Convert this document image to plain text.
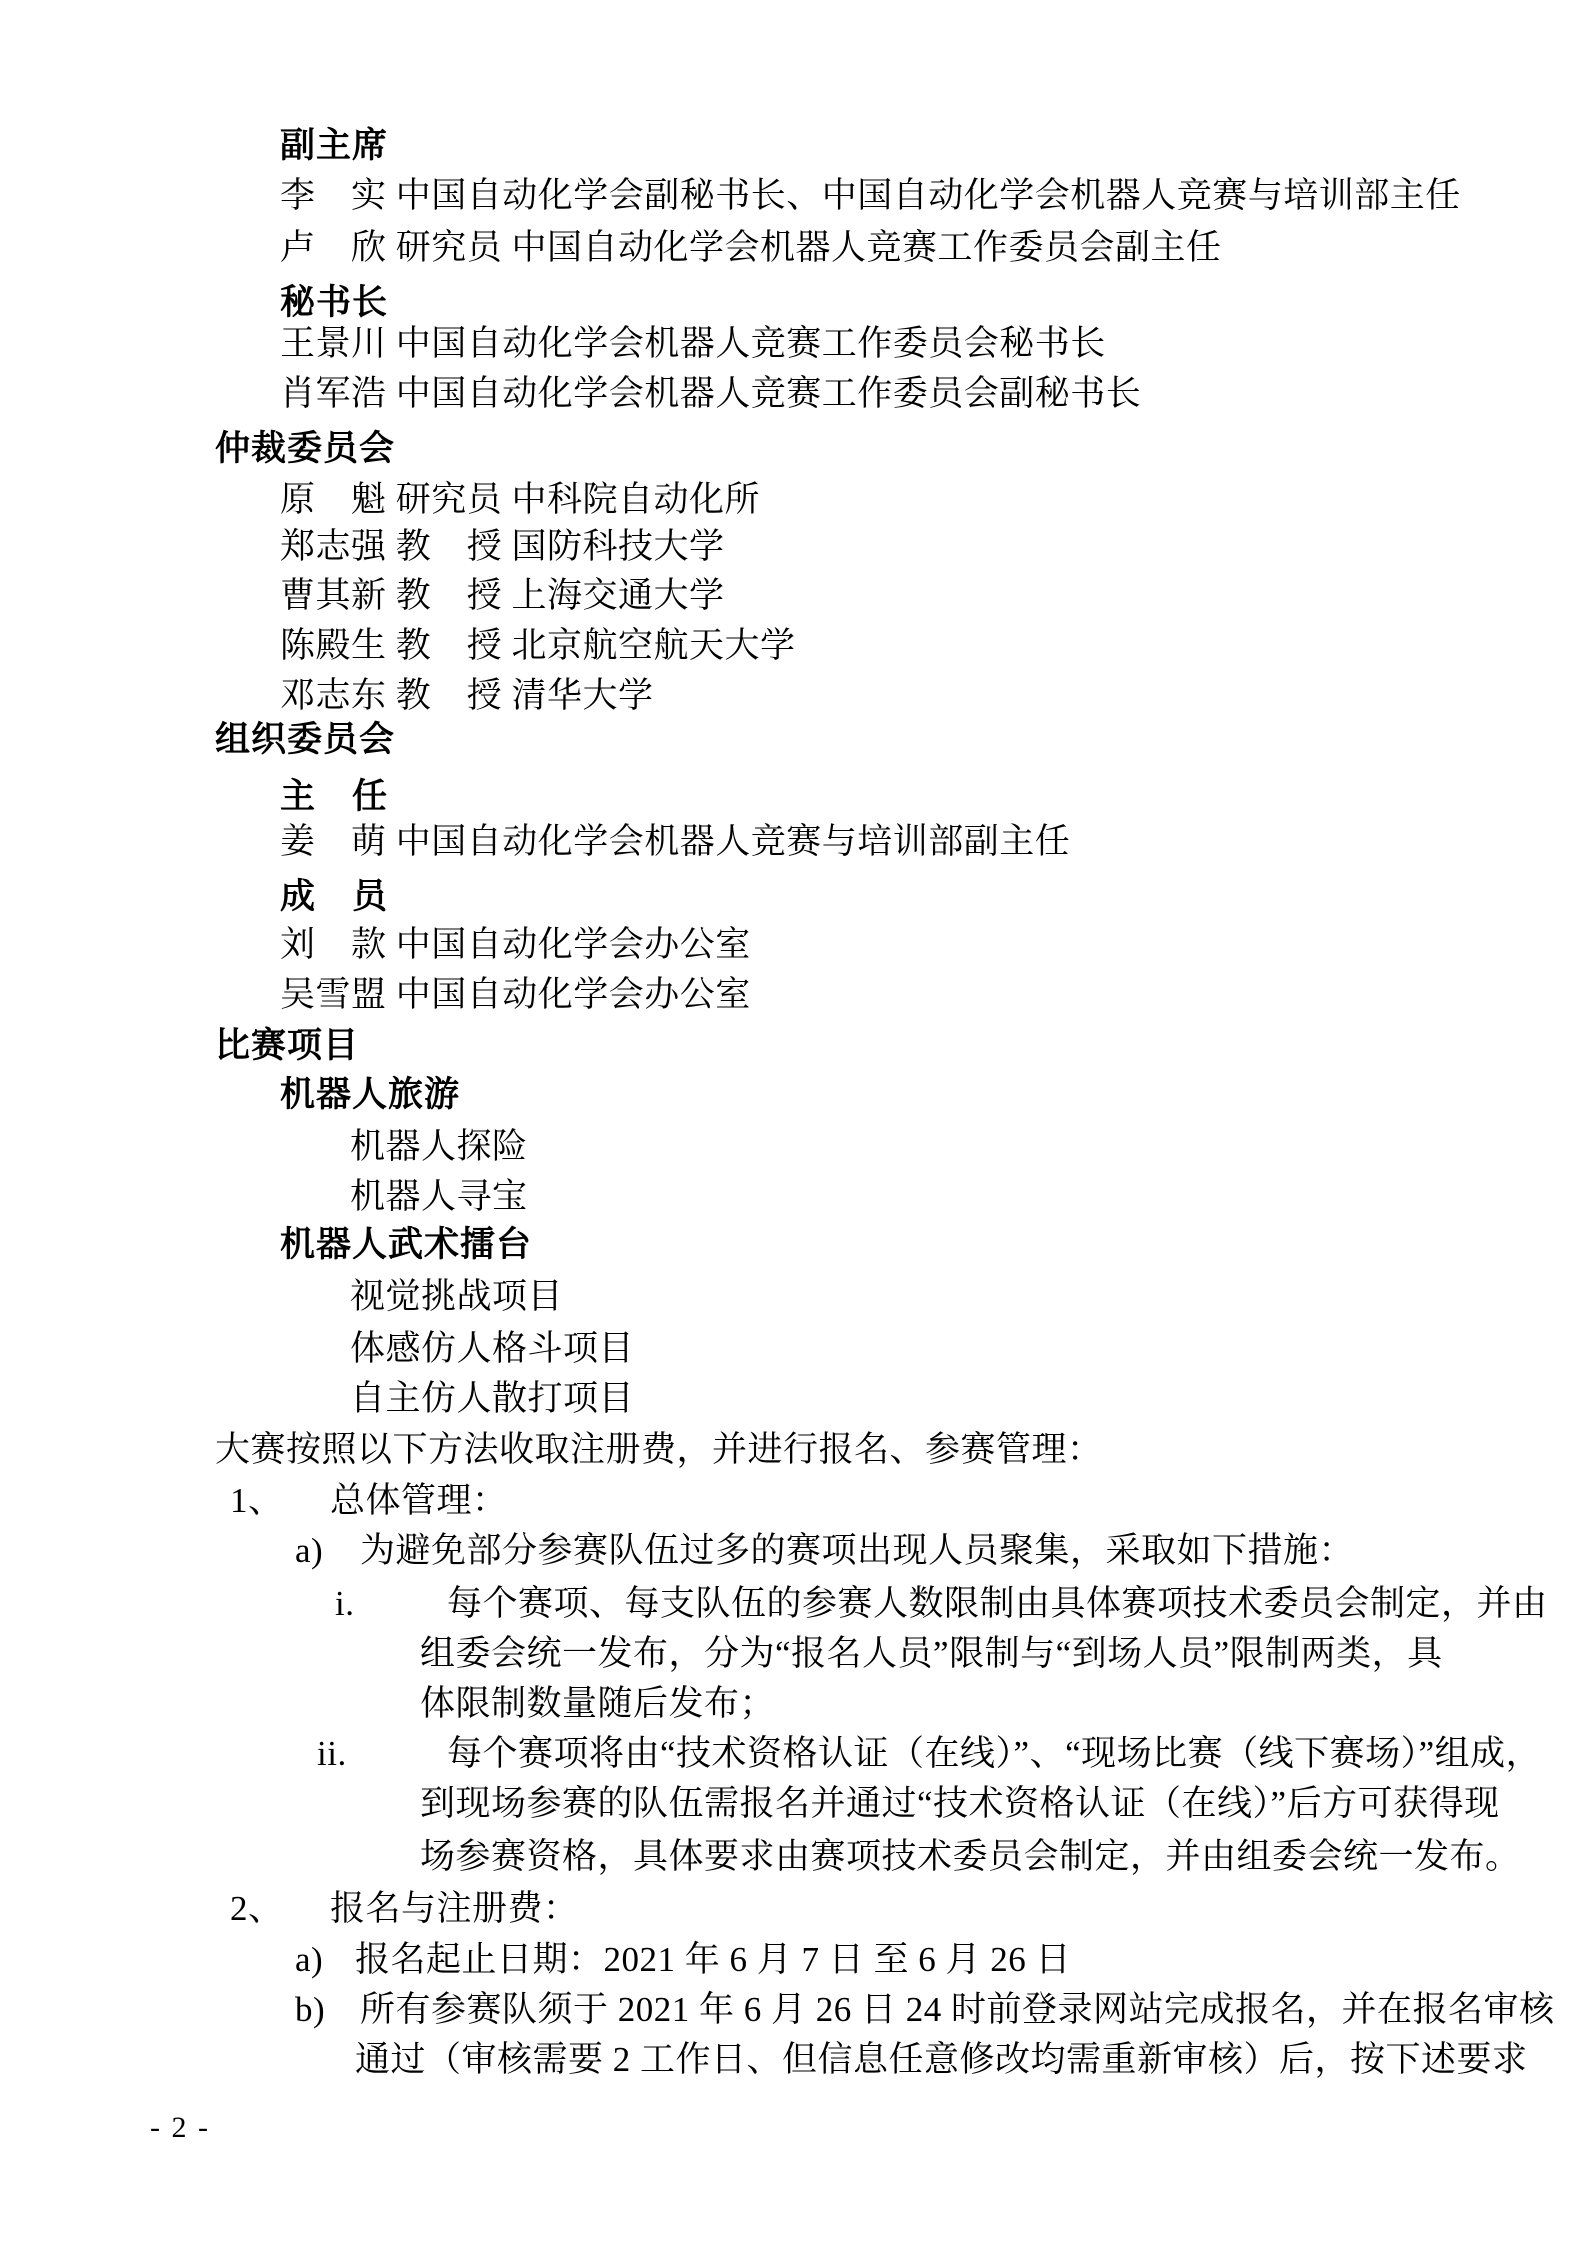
副主席
李　实 中国自动化学会副秘书长、中国自动化学会机器人竞赛与培训部主任
卢　欣 研究员 中国自动化学会机器人竞赛工作委员会副主任
秘书长
王景川 中国自动化学会机器人竞赛工作委员会秘书长
肖军浩 中国自动化学会机器人竞赛工作委员会副秘书长
仲裁委员会
原　魁 研究员 中科院自动化所
郑志强 教　授 国防科技大学
曹其新 教　授 上海交通大学
陈殿生 教　授 北京航空航天大学
邓志东 教　授 清华大学
组织委员会
主　任
姜　萌 中国自动化学会机器人竞赛与培训部副主任
成　员
刘　款 中国自动化学会办公室
吴雪盟 中国自动化学会办公室
比赛项目
机器人旅游
机器人探险
机器人寻宝
机器人武术擂台
视觉挑战项目
体感仿人格斗项目
自主仿人散打项目
大赛按照以下方法收取注册费，并进行报名、参赛管理：
1、 总体管理：
a) 为避免部分参赛队伍过多的赛项出现人员聚集，采取如下措施：
i.	每个赛项、每支队伍的参赛人数限制由具体赛项技术委员会制定，并由
组委会统一发布，分为“报名人员”限制与“到场人员”限制两类，具
体限制数量随后发布；
ii.	每个赛项将由“技术资格认证（在线）”、“现场比赛（线下赛场）”组成，
到现场参赛的队伍需报名并通过“技术资格认证（在线）”后方可获得现
场参赛资格，具体要求由赛项技术委员会制定，并由组委会统一发布。
2、 报名与注册费：
a) 报名起止日期：2021 年 6 月 7 日 至 6 月 26 日
b) 所有参赛队须于 2021 年 6 月 26 日 24 时前登录网站完成报名，并在报名审核
通过（审核需要 2 工作日、但信息任意修改均需重新审核）后，按下述要求
- 2 -
